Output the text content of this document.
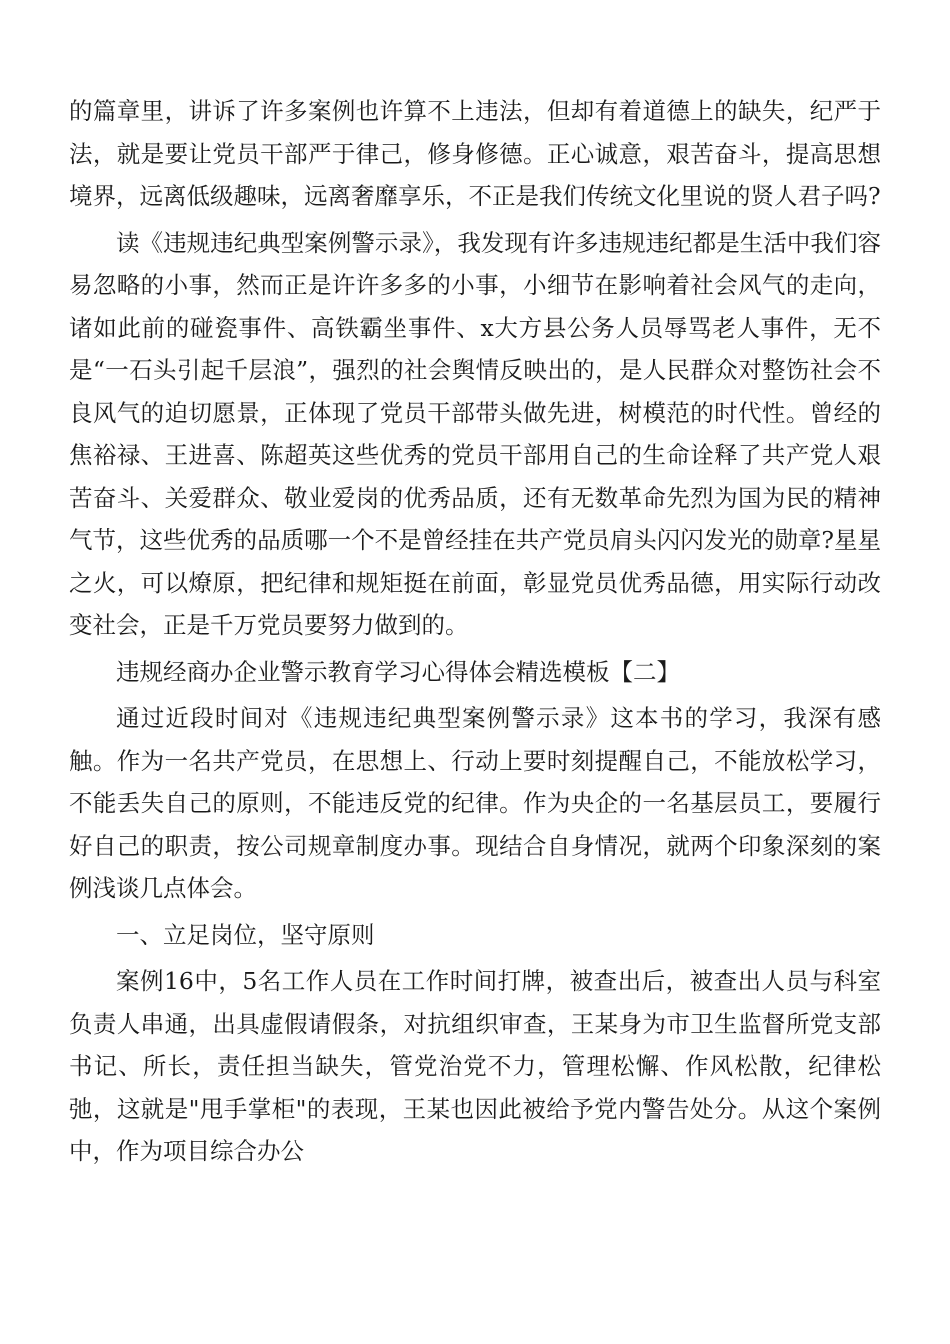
的篇章里，讲诉了许多案例也许算不上违法，但却有着道德上的缺失，纪严于法，就是要让党员干部严于律己，修身修德。正心诚意，艰苦奋斗，提高思想境界，远离低级趣味，远离奢靡享乐，不正是我们传统文化里说的贤人君子吗?

读《违规违纪典型案例警示录》，我发现有许多违规违纪都是生活中我们容易忽略的小事，然而正是许许多多的小事，小细节在影响着社会风气的走向，诸如此前的碰瓷事件、高铁霸坐事件、x大方县公务人员辱骂老人事件，无不是“一石头引起千层浪”，强烈的社会舆情反映出的，是人民群众对整饬社会不良风气的迫切愿景，正体现了党员干部带头做先进，树模范的时代性。曾经的焦裕禄、王进喜、陈超英这些优秀的党员干部用自己的生命诠释了共产党人艰苦奋斗、关爱群众、敬业爱岗的优秀品质，还有无数革命先烈为国为民的精神气节，这些优秀的品质哪一个不是曾经挂在共产党员肩头闪闪发光的勋章?星星之火，可以燎原，把纪律和规矩挺在前面，彰显党员优秀品德，用实际行动改变社会，正是千万党员要努力做到的。

违规经商办企业警示教育学习心得体会精选模板【二】

通过近段时间对《违规违纪典型案例警示录》这本书的学习，我深有感触。作为一名共产党员，在思想上、行动上要时刻提醒自己，不能放松学习，不能丢失自己的原则，不能违反党的纪律。作为央企的一名基层员工，要履行好自己的职责，按公司规章制度办事。现结合自身情况，就两个印象深刻的案例浅谈几点体会。

一、立足岗位，坚守原则

案例16中，5名工作人员在工作时间打牌，被查出后，被查出人员与科室负责人串通，出具虚假请假条，对抗组织审查，王某身为市卫生监督所党支部书记、所长，责任担当缺失，管党治党不力，管理松懈、作风松散，纪律松弛，这就是"甩手掌柜"的表现，王某也因此被给予党内警告处分。从这个案例中，作为项目综合办公
